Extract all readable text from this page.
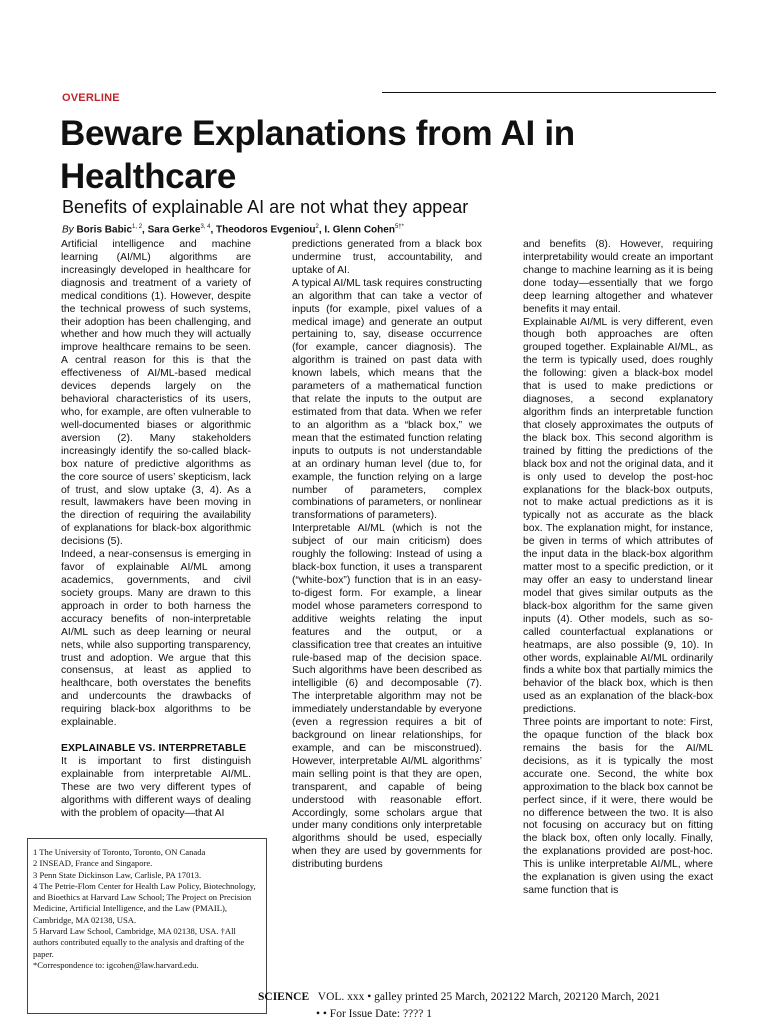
OVERLINE
Beware Explanations from AI in Healthcare
Benefits of explainable AI are not what they appear
By Boris Babic$^{1, 2}$, Sara Gerke$^{3, 4}$, Theodoros Evgeniou$^2$, I. Glenn Cohen$^{5\dagger*}$

Artificial intelligence and machine learning (AI/ML) algorithms are increasingly developed in healthcare for diagnosis and treatment of a variety of medical conditions (1). However, despite the technical prowess of such systems, their adoption has been challenging, and whether and how much they will actually improve healthcare remains to be seen. A central reason for this is that the effectiveness of AI/ML-based medical devices depends largely on the behavioral characteristics of its users, who, for example, are often vulnerable to well-documented biases or algorithmic aversion (2). Many stakeholders increasingly identify the so-called black-box nature of predictive algorithms as the core source of users’ skepticism, lack of trust, and slow uptake (3, 4). As a result, lawmakers have been moving in the direction of requiring the availability of explanations for black-box algorithmic decisions (5).

Indeed, a near-consensus is emerging in favor of explainable AI/ML among academics, governments, and civil society groups. Many are drawn to this approach in order to both harness the accuracy benefits of non-interpretable AI/ML such as deep learning or neural nets, while also supporting transparency, trust and adoption. We argue that this consensus, at least as applied to healthcare, both overstates the benefits and undercounts the drawbacks of requiring black-box algorithms to be explainable.

EXPLAINABLE VS. INTERPRETABLE

It is important to first distinguish explainable from interpretable AI/ML. These are two very different types of algorithms with different ways of dealing with the problem of opacity—that AI

predictions generated from a black box undermine trust, accountability, and uptake of AI.

A typical AI/ML task requires constructing an algorithm that can take a vector of inputs (for example, pixel values of a medical image) and generate an output pertaining to, say, disease occurrence (for example, cancer diagnosis). The algorithm is trained on past data with known labels, which means that the parameters of a mathematical function that relate the inputs to the output are estimated from that data. When we refer to an algorithm as a “black box,” we mean that the estimated function relating inputs to outputs is not understandable at an ordinary human level (due to, for example, the function relying on a large number of parameters, complex combinations of parameters, or nonlinear transformations of parameters).

Interpretable AI/ML (which is not the subject of our main criticism) does roughly the following: Instead of using a black-box function, it uses a transparent (“white-box”) function that is in an easy-to-digest form. For example, a linear model whose parameters correspond to additive weights relating the input features and the output, or a classification tree that creates an intuitive rule-based map of the decision space. Such algorithms have been described as intelligible (6) and decomposable (7). The interpretable algorithm may not be immediately understandable by everyone (even a regression requires a bit of background on linear relationships, for example, and can be misconstrued). However, interpretable AI/ML algorithms’ main selling point is that they are open, transparent, and capable of being understood with reasonable effort. Accordingly, some scholars argue that under many conditions only interpretable algorithms should be used, especially when they are used by governments for distributing burdens

and benefits (8). However, requiring interpretability would create an important change to machine learning as it is being done today—essentially that we forgo deep learning altogether and whatever benefits it may entail.

Explainable AI/ML is very different, even though both approaches are often grouped together. Explainable AI/ML, as the term is typically used, does roughly the following: given a black-box model that is used to make predictions or diagnoses, a second explanatory algorithm finds an interpretable function that closely approximates the outputs of the black box. This second algorithm is trained by fitting the predictions of the black box and not the original data, and it is only used to develop the post-hoc explanations for the black-box outputs, not to make actual predictions as it is typically not as accurate as the black box. The explanation might, for instance, be given in terms of which attributes of the input data in the black-box algorithm matter most to a specific prediction, or it may offer an easy to understand linear model that gives similar outputs as the black-box algorithm for the same given inputs (4). Other models, such as so-called counterfactual explanations or heatmaps, are also possible (9, 10). In other words, explainable AI/ML ordinarily finds a white box that partially mimics the behavior of the black box, which is then used as an explanation of the black-box predictions.

Three points are important to note: First, the opaque function of the black box remains the basis for the AI/ML decisions, as it is typically the most accurate one. Second, the white box approximation to the black box cannot be perfect since, if it were, there would be no difference between the two. It is also not focusing on accuracy but on fitting the black box, often only locally. Finally, the explanations provided are post-hoc. This is unlike interpretable AI/ML, where the explanation is given using the exact same function that is

1 The University of Toronto, Toronto, ON Canada
2 INSEAD, France and Singapore.
3 Penn State Dickinson Law, Carlisle, PA 17013.
4 The Petrie-Flom Center for Health Law Policy, Biotechnology, and Bioethics at Harvard Law School; The Project on Precision Medicine, Artificial Intelligence, and the Law (PMAIL), Cambridge, MA 02138, USA.
5 Harvard Law School, Cambridge, MA 02138, USA. †All authors contributed equally to the analysis and drafting of the paper.
*Correspondence to: igcohen@law.harvard.edu.
SCIENCE VOL. xxx • galley printed 25 March, 202122 March, 202120 March, 2021
• • For Issue Date: ???? 1
